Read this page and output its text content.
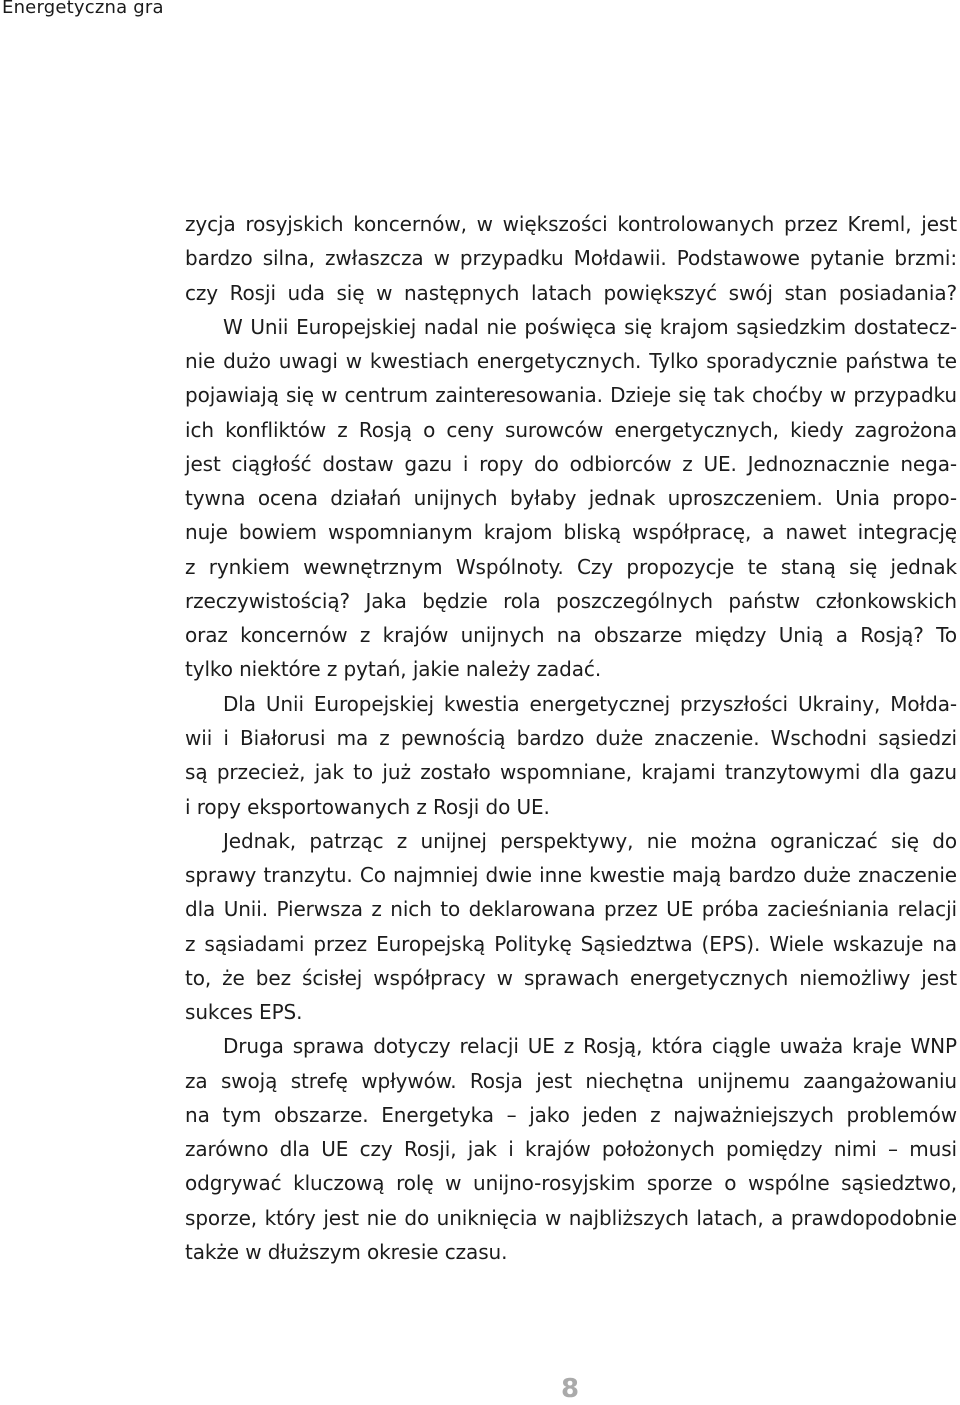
Energetyczna gra
zycja rosyjskich koncernów, w większości kontrolowanych przez Kreml, jest
bardzo silna, zwłaszcza w przypadku Mołdawii. Podstawowe pytanie brzmi:
czy Rosji uda się w następnych latach powiększyć swój stan posiadania?
W Unii Europejskiej nadal nie poświęca się krajom sąsiedzkim dostatecz-
nie dużo uwagi w kwestiach energetycznych. Tylko sporadycznie państwa te
pojawiają się w centrum zainteresowania. Dzieje się tak choćby w przypadku
ich konfliktów z Rosją o ceny surowców energetycznych, kiedy zagrożona
jest ciągłość dostaw gazu i ropy do odbiorców z UE. Jednoznacznie nega-
tywna ocena działań unijnych byłaby jednak uproszczeniem. Unia propo-
nuje bowiem wspomnianym krajom bliską współpracę, a nawet integrację
z rynkiem wewnętrznym Wspólnoty. Czy propozycje te staną się jednak
rzeczywistością? Jaka będzie rola poszczególnych państw członkowskich
oraz koncernów z krajów unijnych na obszarze między Unią a Rosją? To
tylko niektóre z pytań, jakie należy zadać.
Dla Unii Europejskiej kwestia energetycznej przyszłości Ukrainy, Mołda-
wii i Białorusi ma z pewnością bardzo duże znaczenie. Wschodni sąsiedzi
są przecież, jak to już zostało wspomniane, krajami tranzytowymi dla gazu
i ropy eksportowanych z Rosji do UE.
Jednak, patrząc z unijnej perspektywy, nie można ograniczać się do
sprawy tranzytu. Co najmniej dwie inne kwestie mają bardzo duże znaczenie
dla Unii. Pierwsza z nich to deklarowana przez UE próba zacieśniania relacji
z sąsiadami przez Europejską Politykę Sąsiedztwa (EPS). Wiele wskazuje na
to, że bez ścisłej współpracy w sprawach energetycznych niemożliwy jest
sukces EPS.
Druga sprawa dotyczy relacji UE z Rosją, która ciągle uważa kraje WNP
za swoją strefę wpływów. Rosja jest niechętna unijnemu zaangażowaniu
na tym obszarze. Energetyka – jako jeden z najważniejszych problemów
zarówno dla UE czy Rosji, jak i krajów położonych pomiędzy nimi – musi
odgrywać kluczową rolę w unijno-rosyjskim sporze o wspólne sąsiedztwo,
sporze, który jest nie do uniknięcia w najbliższych latach, a prawdopodobnie
także w dłuższym okresie czasu.
8
